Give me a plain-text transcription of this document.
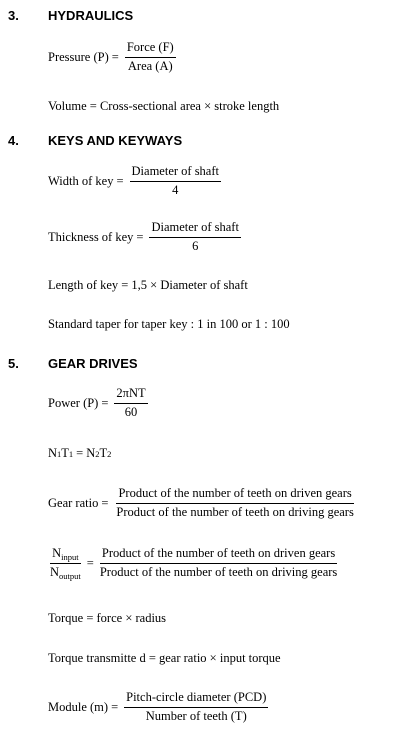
3. HYDRAULICS
Pressure $(P) = \frac{\text{Force (F)}}{\text{Area (A)}}$
Volume = Cross-sectional area × stroke length
4. KEYS AND KEYWAYS
Width of key = $\frac{\text{Diameter of shaft}}{4}$
Thickness of key = $\frac{\text{Diameter of shaft}}{6}$
Length of key = 1,5 × Diameter of shaft
Standard taper for taper key : 1 in 100 or 1 : 100
5. GEAR DRIVES
Power $(P) = \frac{\text{2πNT}}{60}$
N 1 T 1 = N 2 T 2
Gear ratio = $\frac{\text{Product of the number of teeth on driven gears}}{\text{Product of the number of teeth on driving gears}}$
$\frac{N_{input}}{N_{output}} = \frac{\text{Product of the number of teeth on driven gears}}{\text{Product of the number of teeth on driving gears}}$
Torque = force × radius
Torque transmitte d = gear ratio × input torque
Module $(m) = \frac{\text{Pitch-circle diameter (PCD)}}{\text{Number of teeth (T)}}$
